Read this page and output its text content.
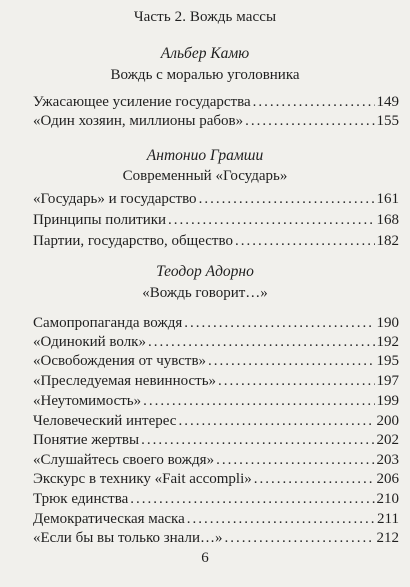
Часть 2. Вождь массы
Альбер Камю
Вождь с моралью уголовника
Ужасающее усиление государства .....	149
«Один хозяин, миллионы рабов» .....	155
Антонио Грамши
Современный «Государь»
«Государь» и государство .....	161
Принципы политики .....	168
Партии, государство, общество .....	182
Теодор Адорно
«Вождь говорит…»
Самопропаганда вождя .....	190
«Одинокий волк» .....	192
«Освобождения от чувств» .....	195
«Преследуемая невинность» .....	197
«Неутомимость» .....	199
Человеческий интерес .....	200
Понятие жертвы .....	202
«Слушайтесь своего вождя» .....	203
Экскурс в технику «Fait accompli» .....	206
Трюк единства .....	210
Демократическая маска .....	211
«Если бы вы только знали…» .....	212
6
